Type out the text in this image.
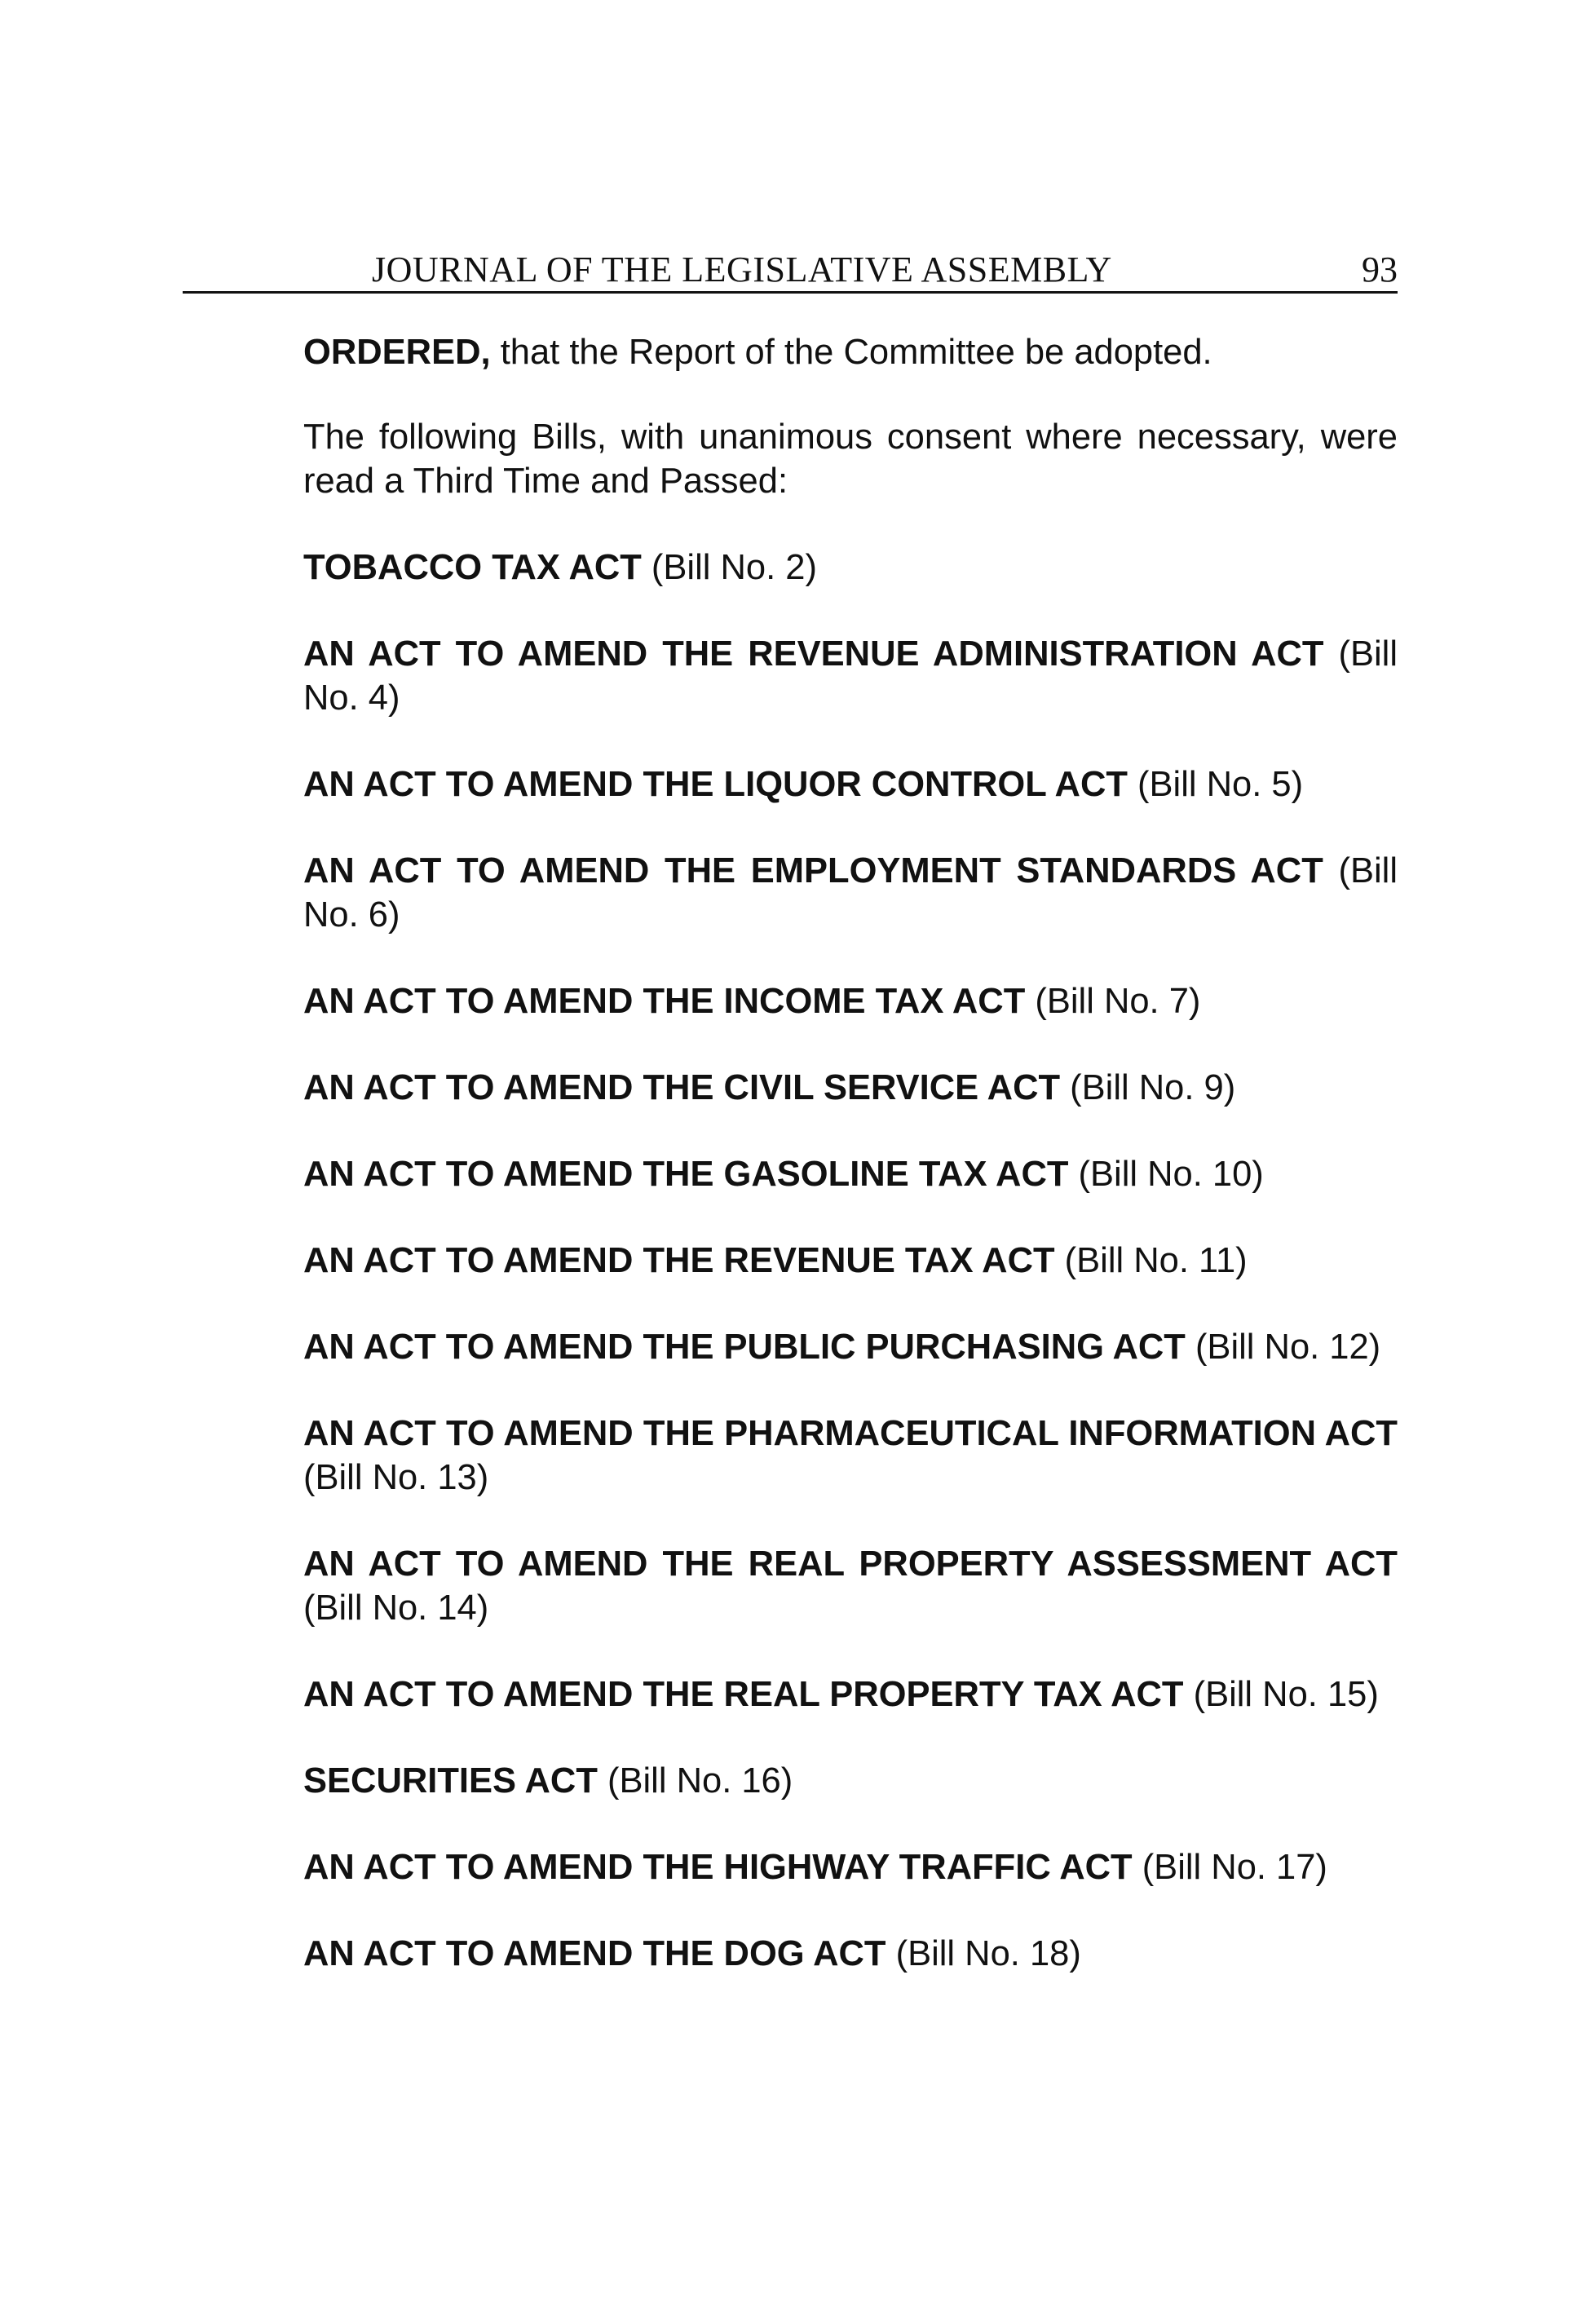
JOURNAL OF THE LEGISLATIVE ASSEMBLY	93

ORDERED, that the Report of the Committee be adopted.

The following Bills, with unanimous consent where necessary, were read a Third Time and Passed:

TOBACCO TAX ACT (Bill No. 2)

AN ACT TO AMEND THE REVENUE ADMINISTRATION ACT (Bill No. 4)

AN ACT TO AMEND THE LIQUOR CONTROL ACT (Bill No. 5)

AN ACT TO AMEND THE EMPLOYMENT STANDARDS ACT (Bill No. 6)

AN ACT TO AMEND THE INCOME TAX ACT (Bill No. 7)

AN ACT TO AMEND THE CIVIL SERVICE ACT (Bill No. 9)

AN ACT TO AMEND THE GASOLINE TAX ACT (Bill No. 10)

AN ACT TO AMEND THE REVENUE TAX ACT (Bill No. 11)

AN ACT TO AMEND THE PUBLIC PURCHASING ACT (Bill No. 12)

AN ACT TO AMEND THE PHARMACEUTICAL INFORMATION ACT (Bill No. 13)

AN ACT TO AMEND THE REAL PROPERTY ASSESSMENT ACT (Bill No. 14)

AN ACT TO AMEND THE REAL PROPERTY TAX ACT (Bill No. 15)

SECURITIES ACT (Bill No. 16)

AN ACT TO AMEND THE HIGHWAY TRAFFIC ACT (Bill No. 17)

AN ACT TO AMEND THE DOG ACT (Bill No. 18)
